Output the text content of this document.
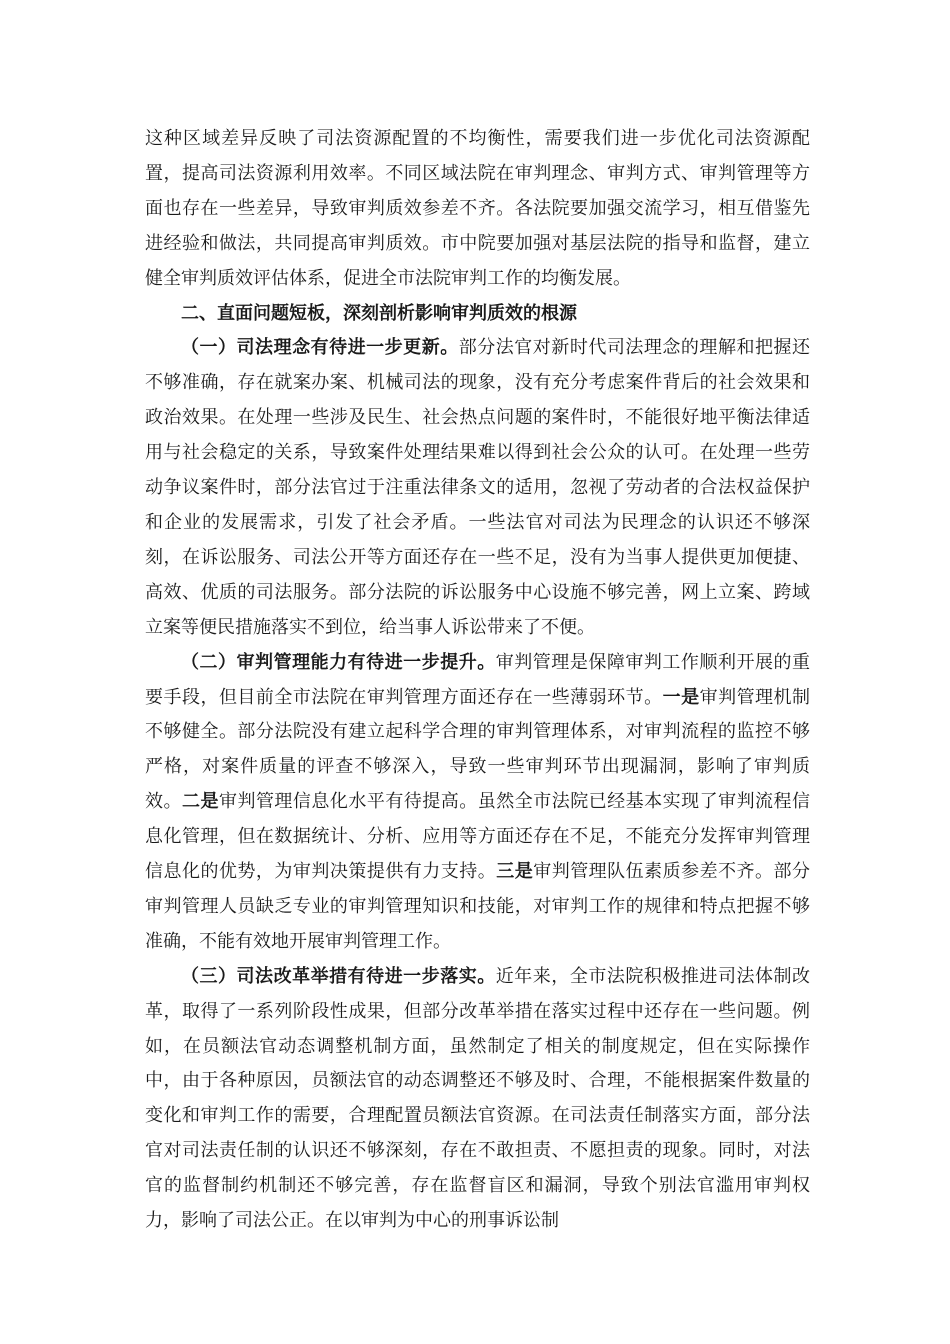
这种区域差异反映了司法资源配置的不均衡性，需要我们进一步优化司法资源配置，提高司法资源利用效率。不同区域法院在审判理念、审判方式、审判管理等方面也存在一些差异，导致审判质效参差不齐。各法院要加强交流学习，相互借鉴先进经验和做法，共同提高审判质效。市中院要加强对基层法院的指导和监督，建立健全审判质效评估体系，促进全市法院审判工作的均衡发展。

二、直面问题短板，深刻剖析影响审判质效的根源

（一）司法理念有待进一步更新。部分法官对新时代司法理念的理解和把握还不够准确，存在就案办案、机械司法的现象，没有充分考虑案件背后的社会效果和政治效果。在处理一些涉及民生、社会热点问题的案件时，不能很好地平衡法律适用与社会稳定的关系，导致案件处理结果难以得到社会公众的认可。在处理一些劳动争议案件时，部分法官过于注重法律条文的适用，忽视了劳动者的合法权益保护和企业的发展需求，引发了社会矛盾。一些法官对司法为民理念的认识还不够深刻，在诉讼服务、司法公开等方面还存在一些不足，没有为当事人提供更加便捷、高效、优质的司法服务。部分法院的诉讼服务中心设施不够完善，网上立案、跨域立案等便民措施落实不到位，给当事人诉讼带来了不便。

（二）审判管理能力有待进一步提升。审判管理是保障审判工作顺利开展的重要手段，但目前全市法院在审判管理方面还存在一些薄弱环节。一是审判管理机制不够健全。部分法院没有建立起科学合理的审判管理体系，对审判流程的监控不够严格，对案件质量的评查不够深入，导致一些审判环节出现漏洞，影响了审判质效。二是审判管理信息化水平有待提高。虽然全市法院已经基本实现了审判流程信息化管理，但在数据统计、分析、应用等方面还存在不足，不能充分发挥审判管理信息化的优势，为审判决策提供有力支持。三是审判管理队伍素质参差不齐。部分审判管理人员缺乏专业的审判管理知识和技能，对审判工作的规律和特点把握不够准确，不能有效地开展审判管理工作。

（三）司法改革举措有待进一步落实。近年来，全市法院积极推进司法体制改革，取得了一系列阶段性成果，但部分改革举措在落实过程中还存在一些问题。例如，在员额法官动态调整机制方面，虽然制定了相关的制度规定，但在实际操作中，由于各种原因，员额法官的动态调整还不够及时、合理，不能根据案件数量的变化和审判工作的需要，合理配置员额法官资源。在司法责任制落实方面，部分法官对司法责任制的认识还不够深刻，存在不敢担责、不愿担责的现象。同时，对法官的监督制约机制还不够完善，存在监督盲区和漏洞，导致个别法官滥用审判权力，影响了司法公正。在以审判为中心的刑事诉讼制
